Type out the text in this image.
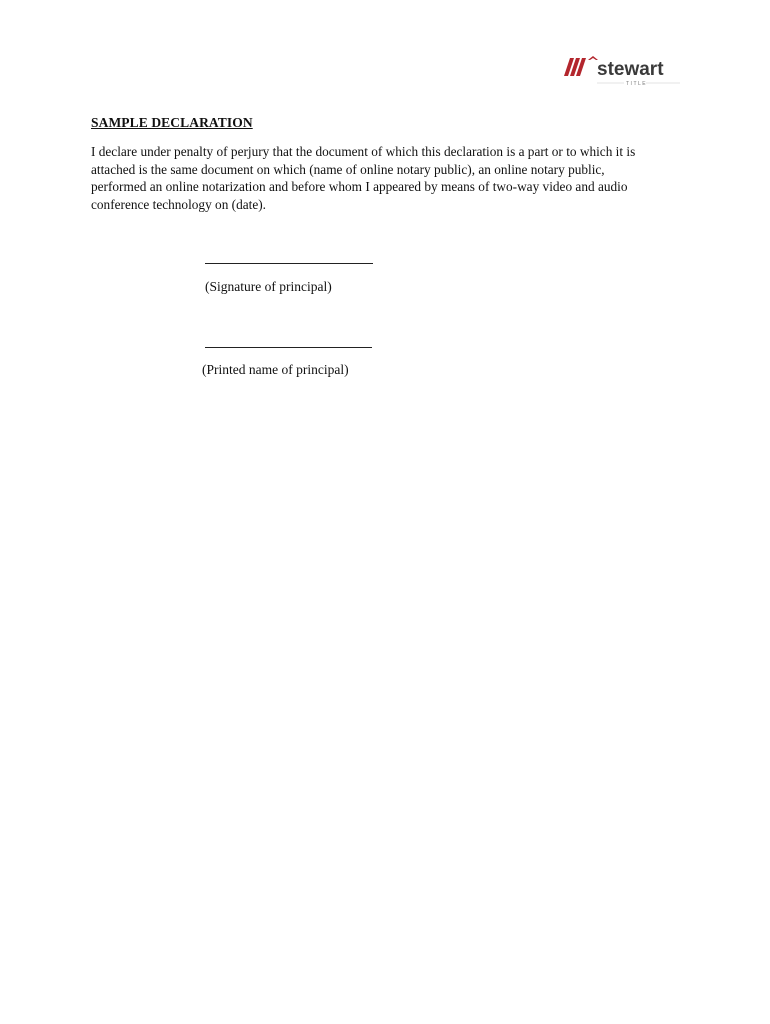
stewart
TITLE
SAMPLE DECLARATION
I declare under penalty of perjury that the document of which this declaration is a part or to which it is
attached is the same document on which (name of online notary public), an online notary public,
performed an online notarization and before whom I appeared by means of two-way video and audio
conference technology on (date).
(Signature of principal)
(Printed name of principal)
